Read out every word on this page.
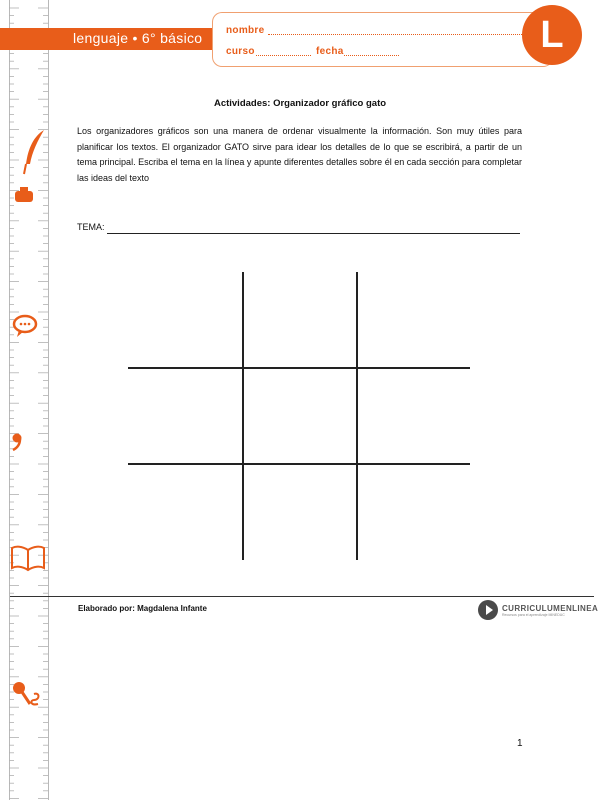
lenguaje • 6° básico nombre
curso	fecha	L
Actividades: Organizador gráfico gato
Los organizadores gráficos son una manera de ordenar visualmente la información. Son muy útiles para planificar los textos. El organizador GATO sirve para idear los detalles de lo que se escribirá, a partir de un tema principal. Escriba el tema en la línea y apunte diferentes detalles sobre él en cada sección para completar las ideas del texto
TEMA:
Elaborado por: Magdalena Infante	CURRICULUMENLINEA
Recursos para el aprendizaje MINEDUC
1
